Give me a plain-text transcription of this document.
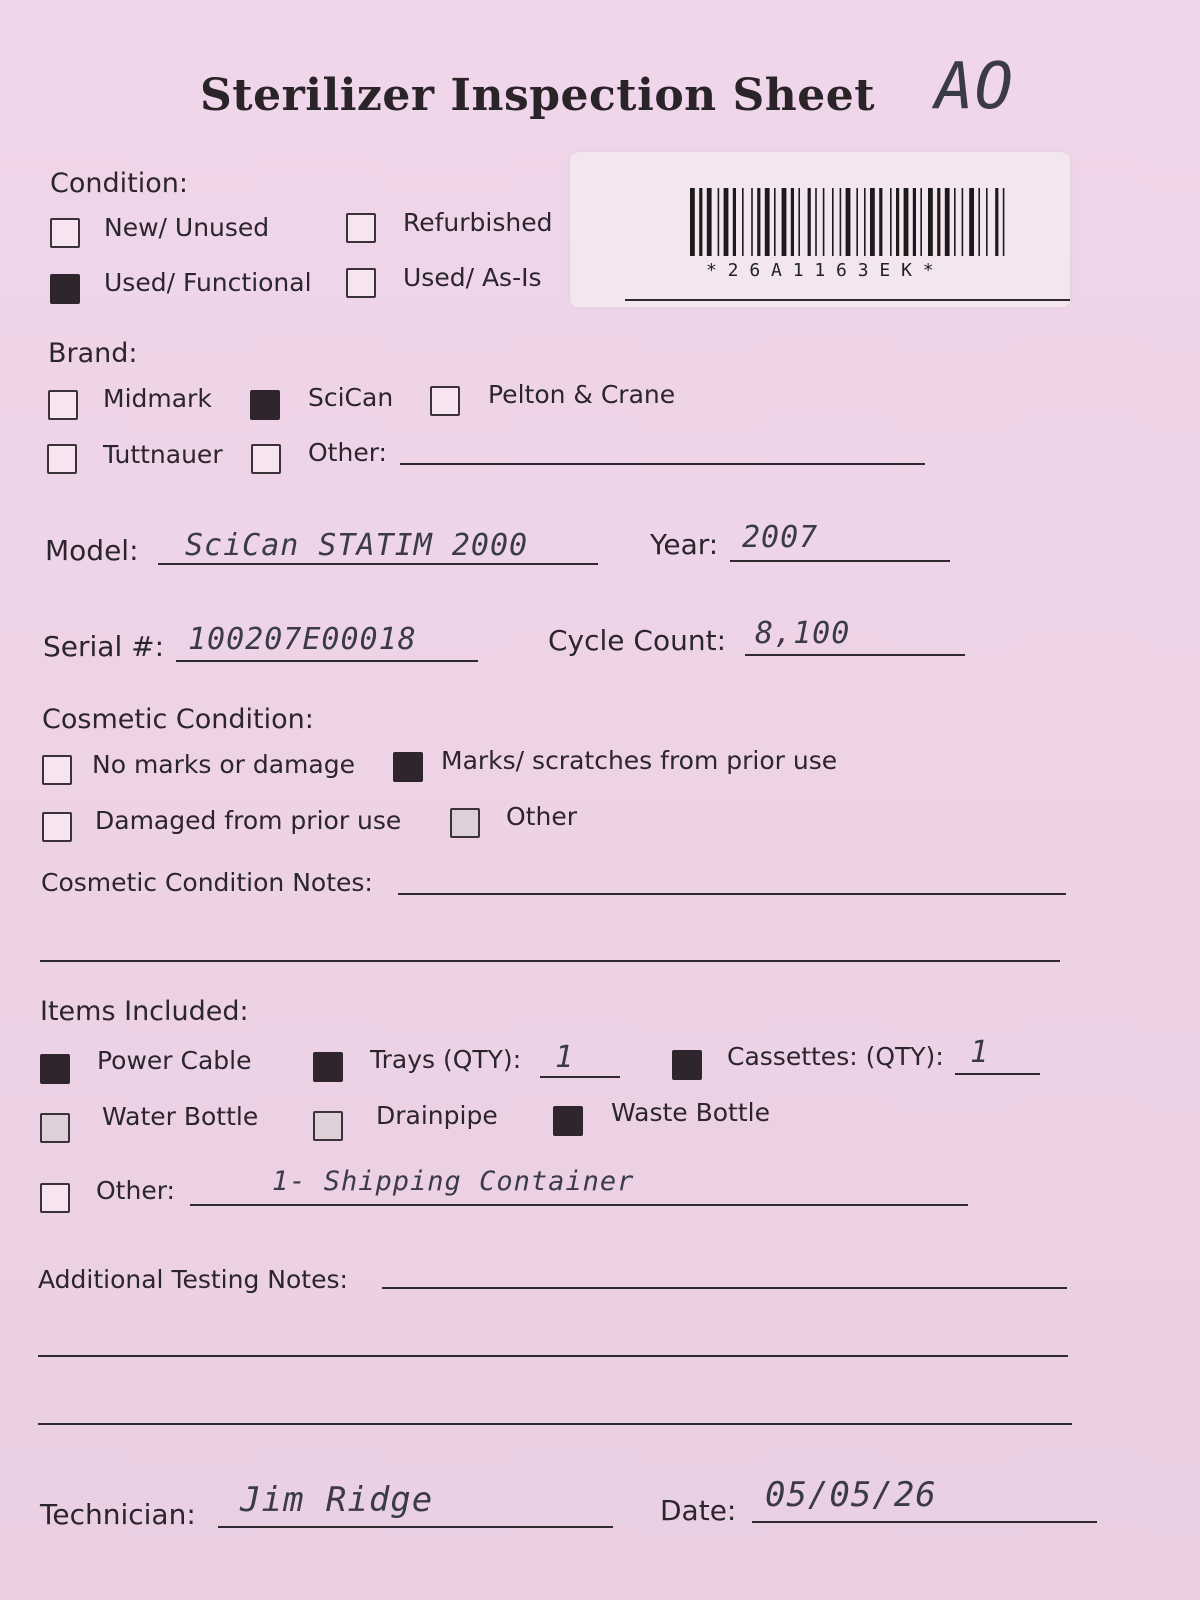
Sterilizer Inspection Sheet AO
* 2 6 A 1 1 6 3 E K *
Condition:
New/ Unused	Refurbished
Used/ Functional	Used/ As-Is
Brand:
Midmark	SciCan	Pelton & Crane
Tuttnauer	Other:
Model: SciCan STATIM 2000	Year: 2007
Serial #: 100207E00018	Cycle Count: 8,100
Cosmetic Condition:
No marks or damage	Marks/ scratches from prior use
Damaged from prior use	Other
Cosmetic Condition Notes:
Items Included:
Power Cable	Trays (QTY): 1	Cassettes: (QTY): 1
Water Bottle	Drainpipe	Waste Bottle
Other:	1- Shipping Container
Additional Testing Notes:
Technician: Jim Ridge	Date: 05/05/26
